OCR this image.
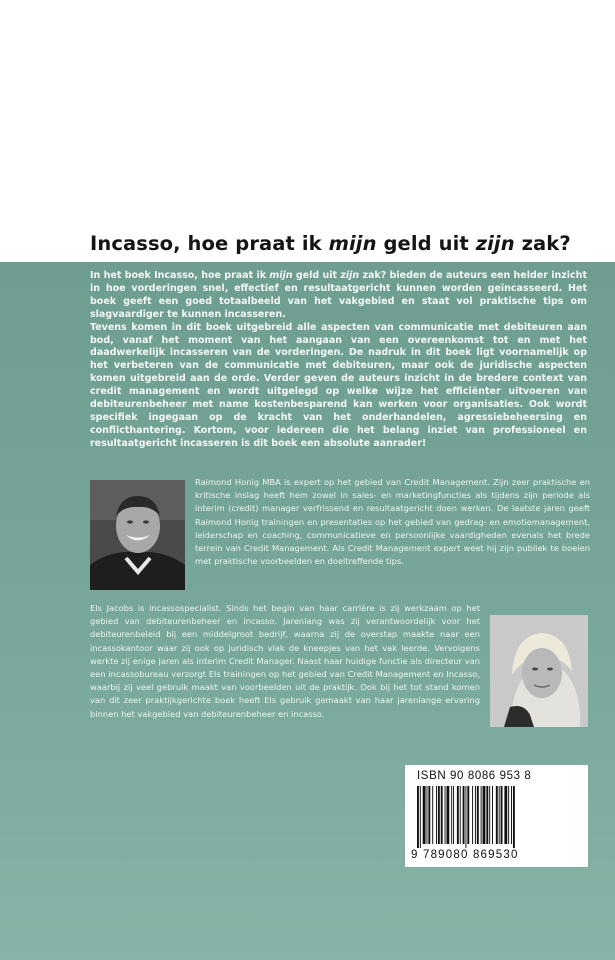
Incasso, hoe praat ik mijn geld uit zijn zak?

In het boek Incasso, hoe praat ik mijn geld uit zijn zak? bieden de auteurs een helder inzicht in hoe vorderingen snel, effectief en resultaatgericht kunnen worden geïncasseerd. Het boek geeft een goed totaalbeeld van het vakgebied en staat vol praktische tips om slagvaardiger te kunnen incasseren.

Tevens komen in dit boek uitgebreid alle aspecten van communicatie met debiteuren aan bod, vanaf het moment van het aangaan van een overeenkomst tot en met het daadwerkelijk incasseren van de vorderingen. De nadruk in dit boek ligt voornamelijk op het verbeteren van de communicatie met debiteuren, maar ook de juridische aspecten komen uitgebreid aan de orde. Verder geven de auteurs inzicht in de bredere context van credit management en wordt uitgelegd op welke wijze het efficiënter uitvoeren van debiteurenbeheer met name kostenbesparend kan werken voor organisaties. Ook wordt specifiek ingegaan op de kracht van het onderhandelen, agressiebeheersing en conflicthantering. Kortom, voor iedereen die het belang inziet van professioneel en resultaatgericht incasseren is dit boek een absolute aanrader!

Raimond Honig MBA is expert op het gebied van Credit Management. Zijn zeer praktische en kritische inslag heeft hem zowel in sales- en marketingfuncties als tijdens zijn periode als interim (credit) manager verfrissend en resultaatgericht doen werken. De laatste jaren geeft Raimond Honig trainingen en presentaties op het gebied van gedrag- en emotiemanagement, leiderschap en coaching, communicatieve en persoonlijke vaardigheden evenals het brede terrein van Credit Management. Als Credit Management expert weet hij zijn publiek te boeien met praktische voorbeelden en doeltreffende tips.
Els Jacobs is incassospecialist. Sinds het begin van haar carrière is zij werkzaam op het gebied van debiteurenbeheer en incasso. Jarenlang was zij verantwoordelijk voor het debiteurenbeleid bij een middelgroot bedrijf, waarna zij de overstap maakte naar een incassokantoor waar zij ook op juridisch vlak de kneepjes van het vak leerde. Vervolgens werkte zij enige jaren als interim Credit Manager. Naast haar huidige functie als directeur van een incassobureau verzorgt Els trainingen op het gebied van Credit Management en Incasso, waarbij zij veel gebruik maakt van voorbeelden uit de praktijk. Ook bij het tot stand komen van dit zeer praktijkgerichte boek heeft Els gebruik gemaakt van haar jarenlange ervaring binnen het vakgebied van debiteurenbeheer en incasso.
ISBN 90 8086 953 8
9 789080 869530
